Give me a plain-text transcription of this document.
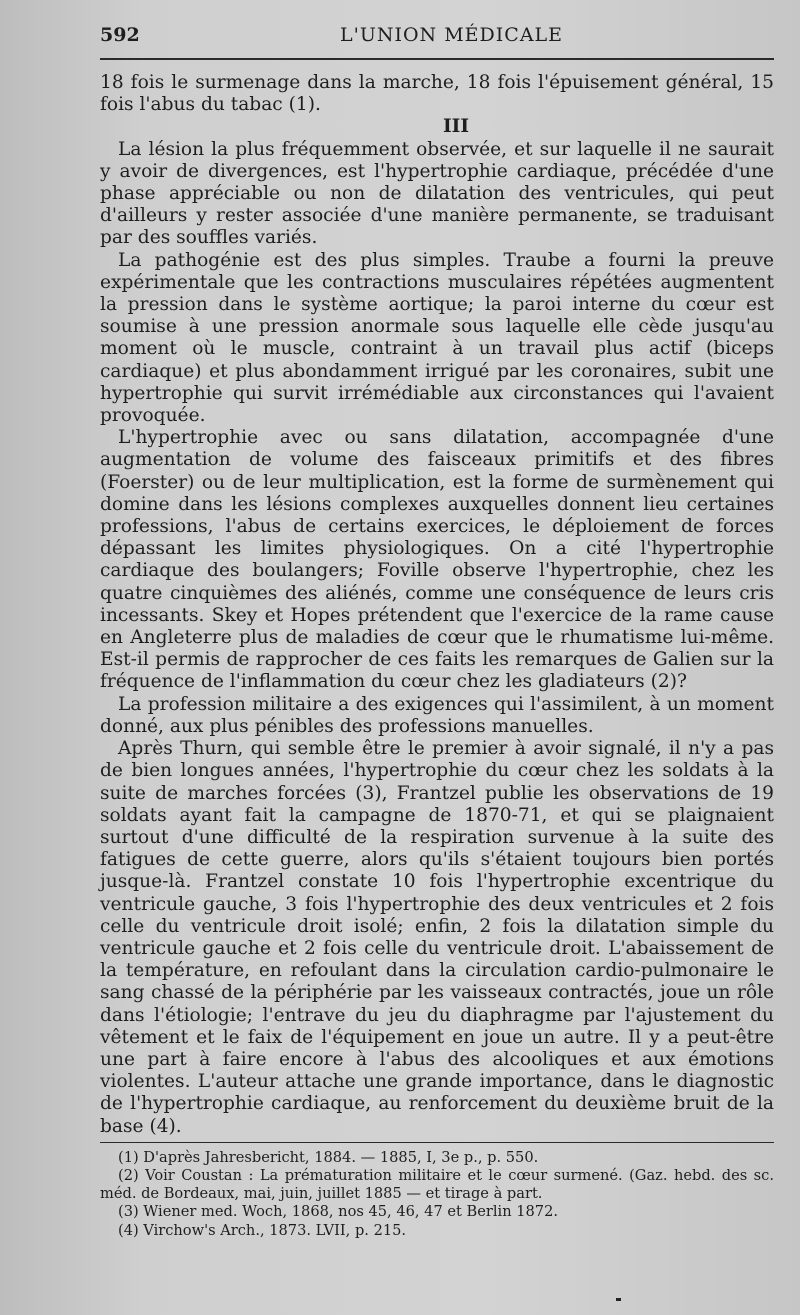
592	L'UNION MÉDICALE

18 fois le surmenage dans la marche, 18 fois l'épuisement général, 15 fois l'abus du tabac (1).

III

La lésion la plus fréquemment observée, et sur laquelle il ne saurait y avoir de divergences, est l'hypertrophie cardiaque, précédée d'une phase appréciable ou non de dilatation des ventricules, qui peut d'ailleurs y rester associée d'une manière permanente, se traduisant par des souffles variés.

La pathogénie est des plus simples. Traube a fourni la preuve expérimentale que les contractions musculaires répétées augmentent la pression dans le système aortique; la paroi interne du cœur est soumise à une pression anormale sous laquelle elle cède jusqu'au moment où le muscle, contraint à un travail plus actif (biceps cardiaque) et plus abondamment irrigué par les coronaires, subit une hypertrophie qui survit irrémédiable aux circonstances qui l'avaient provoquée.

L'hypertrophie avec ou sans dilatation, accompagnée d'une augmentation de volume des faisceaux primitifs et des fibres (Foerster) ou de leur multiplication, est la forme de surmènement qui domine dans les lésions complexes auxquelles donnent lieu certaines professions, l'abus de certains exercices, le déploiement de forces dépassant les limites physiologiques. On a cité l'hypertrophie cardiaque des boulangers; Foville observe l'hypertrophie, chez les quatre cinquièmes des aliénés, comme une conséquence de leurs cris incessants. Skey et Hopes prétendent que l'exercice de la rame cause en Angleterre plus de maladies de cœur que le rhumatisme lui-même. Est-il permis de rapprocher de ces faits les remarques de Galien sur la fréquence de l'inflammation du cœur chez les gladiateurs (2)?

La profession militaire a des exigences qui l'assimilent, à un moment donné, aux plus pénibles des professions manuelles.

Après Thurn, qui semble être le premier à avoir signalé, il n'y a pas de bien longues années, l'hypertrophie du cœur chez les soldats à la suite de marches forcées (3), Frantzel publie les observations de 19 soldats ayant fait la campagne de 1870-71, et qui se plaignaient surtout d'une difficulté de la respiration survenue à la suite des fatigues de cette guerre, alors qu'ils s'étaient toujours bien portés jusque-là. Frantzel constate 10 fois l'hypertrophie excentrique du ventricule gauche, 3 fois l'hypertrophie des deux ventricules et 2 fois celle du ventricule droit isolé; enfin, 2 fois la dilatation simple du ventricule gauche et 2 fois celle du ventricule droit. L'abaissement de la température, en refoulant dans la circulation cardio-pulmonaire le sang chassé de la périphérie par les vaisseaux contractés, joue un rôle dans l'étiologie; l'entrave du jeu du diaphragme par l'ajustement du vêtement et le faix de l'équipement en joue un autre. Il y a peut-être une part à faire encore à l'abus des alcooliques et aux émotions violentes. L'auteur attache une grande importance, dans le diagnostic de l'hypertrophie cardiaque, au renforcement du deuxième bruit de la base (4).

(1) D'après Jahresbericht, 1884. — 1885, I, 3e p., p. 550.

(2) Voir Coustan : La prématuration militaire et le cœur surmené. (Gaz. hebd. des sc. méd. de Bordeaux, mai, juin, juillet 1885 — et tirage à part.

(3) Wiener med. Woch, 1868, nos 45, 46, 47 et Berlin 1872.

(4) Virchow's Arch., 1873. LVII, p. 215.
